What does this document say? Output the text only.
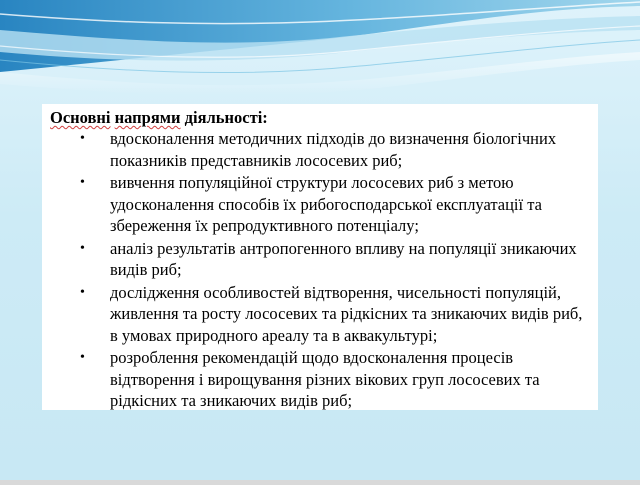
Основні напрями діяльності:
• вдосконалення методичних підходів до визначення біологічних показників представників лососевих риб;
• вивчення популяційної структури лососевих риб з метою удосконалення способів їх рибогосподарської експлуатації та збереження їх репродуктивного потенціалу;
• аналіз результатів антропогенного впливу на популяції зникаючих видів риб;
• дослідження особливостей відтворення, чисельності популяцій, живлення та росту лососевих та рідкісних та зникаючих видів риб, в умовах природного ареалу та в аквакультурі;
• розроблення рекомендацій щодо вдосконалення процесів відтворення і вирощування різних вікових груп лососевих та рідкісних та зникаючих видів риб;
